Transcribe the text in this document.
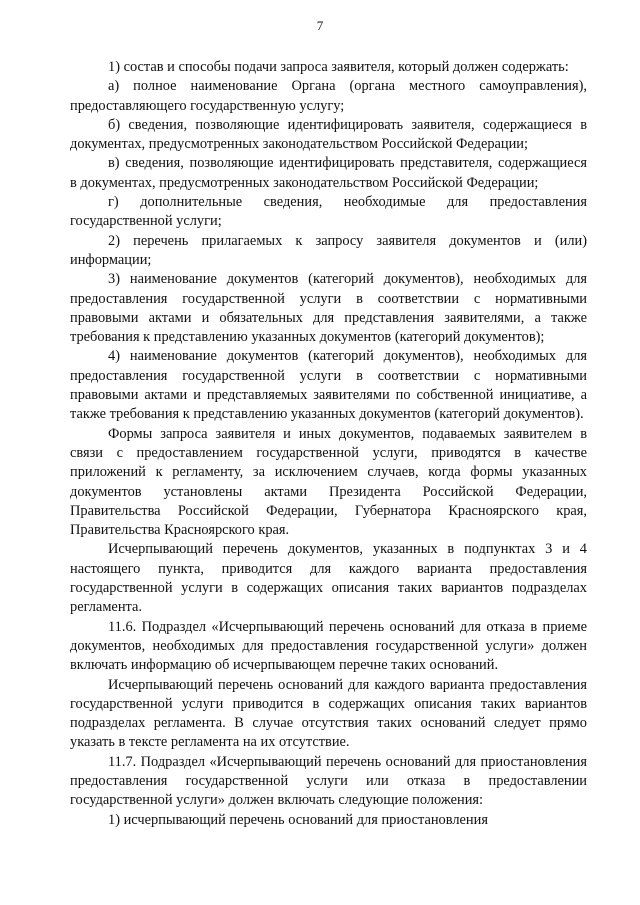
7

1) состав и способы подачи запроса заявителя, который должен содержать:

а) полное наименование Органа (органа местного самоуправления), предоставляющего государственную услугу;

б) сведения, позволяющие идентифицировать заявителя, содержащиеся в документах, предусмотренных законодательством Российской Федерации;

в) сведения, позволяющие идентифицировать представителя, содержащиеся в документах, предусмотренных законодательством Российской Федерации;

г) дополнительные сведения, необходимые для предоставления государственной услуги;

2) перечень прилагаемых к запросу заявителя документов и (или) информации;

3) наименование документов (категорий документов), необходимых для предоставления государственной услуги в соответствии с нормативными правовыми актами и обязательных для представления заявителями, а также требования к представлению указанных документов (категорий документов);

4) наименование документов (категорий документов), необходимых для предоставления государственной услуги в соответствии с нормативными правовыми актами и представляемых заявителями по собственной инициативе, а также требования к представлению указанных документов (категорий документов).

Формы запроса заявителя и иных документов, подаваемых заявителем в связи с предоставлением государственной услуги, приводятся в качестве приложений к регламенту, за исключением случаев, когда формы указанных документов установлены актами Президента Российской Федерации, Правительства Российской Федерации, Губернатора Красноярского края, Правительства Красноярского края.

Исчерпывающий перечень документов, указанных в подпунктах 3 и 4 настоящего пункта, приводится для каждого варианта предоставления государственной услуги в содержащих описания таких вариантов подразделах регламента.

11.6. Подраздел «Исчерпывающий перечень оснований для отказа в приеме документов, необходимых для предоставления государственной услуги» должен включать информацию об исчерпывающем перечне таких оснований.

Исчерпывающий перечень оснований для каждого варианта предоставления государственной услуги приводится в содержащих описания таких вариантов подразделах регламента. В случае отсутствия таких оснований следует прямо указать в тексте регламента на их отсутствие.

11.7. Подраздел «Исчерпывающий перечень оснований для приостановления предоставления государственной услуги или отказа в предоставлении государственной услуги» должен включать следующие положения:

1) исчерпывающий перечень оснований для приостановления
